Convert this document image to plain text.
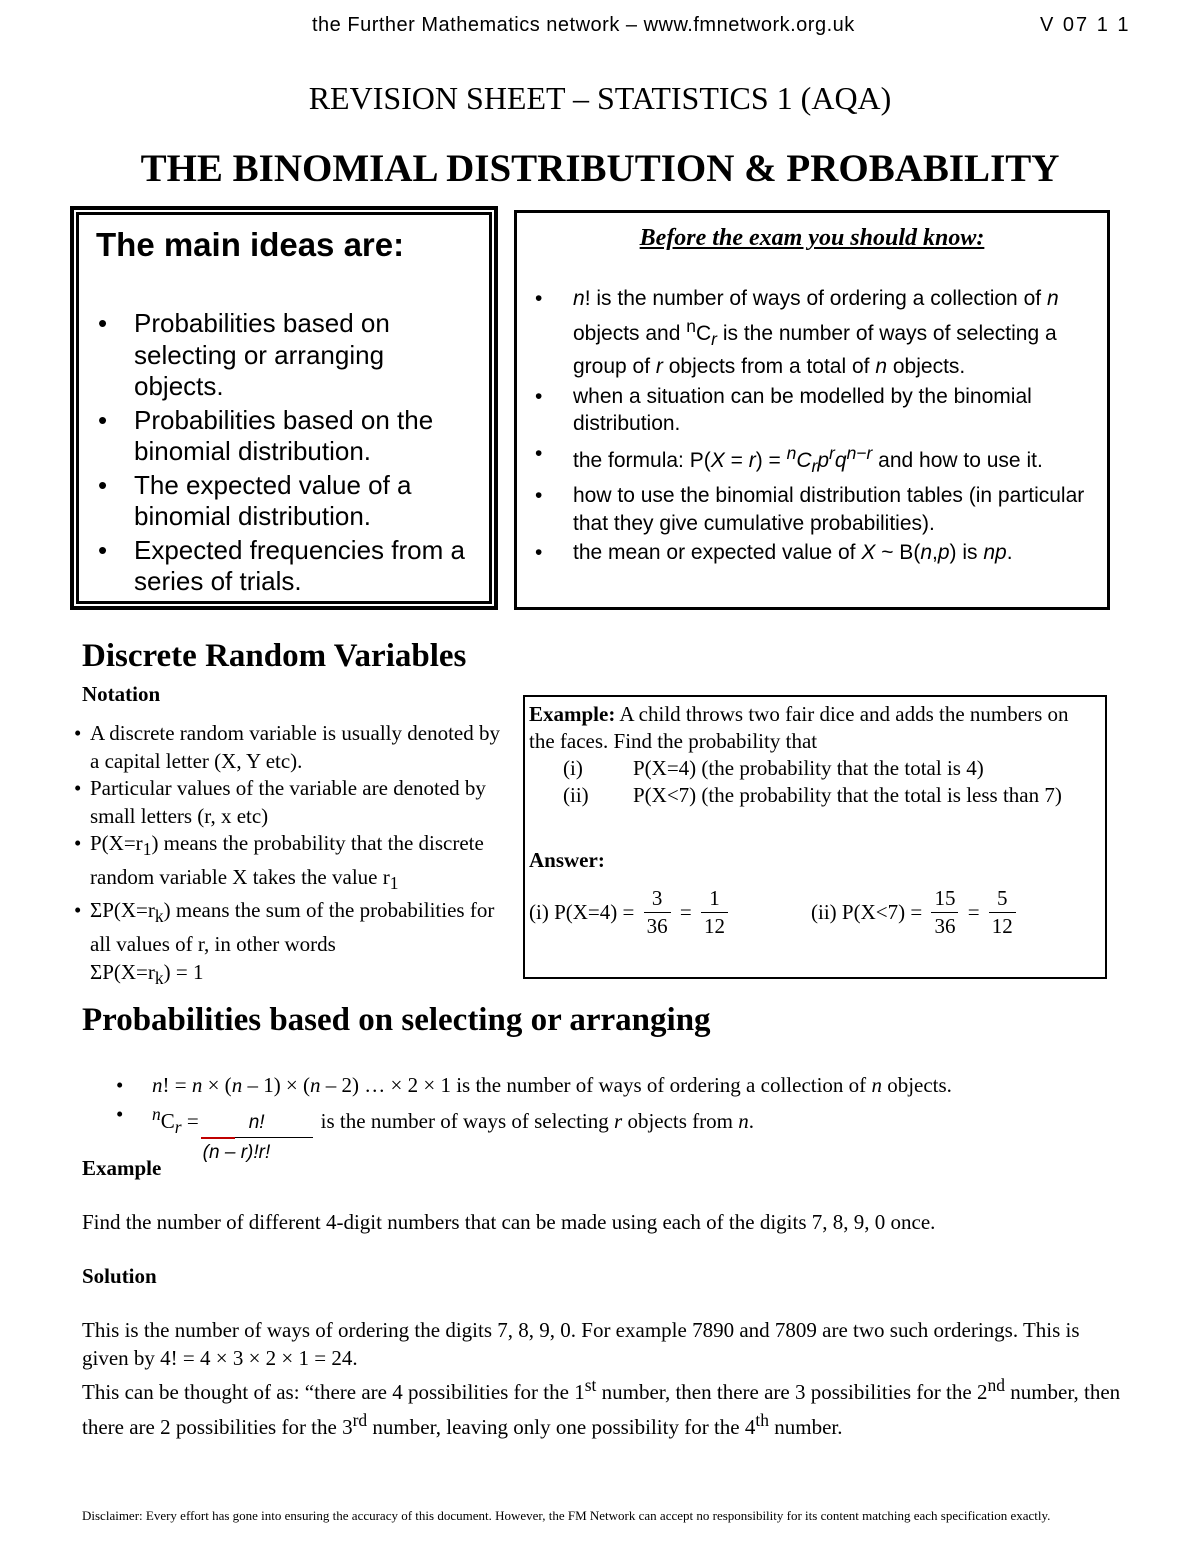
the Further Mathematics network – www.fmnetwork.org.uk	V 07 1 1
REVISION SHEET – STATISTICS 1 (AQA)
THE BINOMIAL DISTRIBUTION & PROBABILITY
The main ideas are:
• Probabilities based on selecting or arranging objects.
• Probabilities based on the binomial distribution.
• The expected value of a binomial distribution.
• Expected frequencies from a series of trials.
Before the exam you should know:
• n! is the number of ways of ordering a collection of n objects and $^nC_r$ is the number of ways of selecting a group of r objects from a total of n objects.
• when a situation can be modelled by the binomial distribution.
• the formula: $P(X = r) = ^nC_rp^rq^{n-r}$ and how to use it.
• how to use the binomial distribution tables (in particular that they give cumulative probabilities).
• the mean or expected value of X ~ B(n,p) is np.
Discrete Random Variables
Notation
• A discrete random variable is usually denoted by a capital letter (X, Y etc).
• Particular values of the variable are denoted by small letters (r, x etc)
• $P(X=r_1)$ means the probability that the discrete random variable X takes the value $r_1$
• $\Sigma P(X=r_k)$ means the sum of the probabilities for all values of r, in other words
$\Sigma P(X=r_k) = 1$
Example: A child throws two fair dice and adds the numbers on the faces. Find the probability that
(i) P(X=4) (the probability that the total is 4)
(ii) P(X<7) (the probability that the total is less than 7)
Answer:
(i) $P(X=4) = \frac{3}{36} = \frac{1}{12}$	(ii) $P(X<7) = \frac{15}{36} = \frac{5}{12}$
Probabilities based on selecting or arranging
• n! = n × (n – 1) × (n – 2) … × 2 × 1 is the number of ways of ordering a collection of n objects.
• $^nC_r = \frac{n!}{(n - r)!r!}$ is the number of ways of selecting r objects from n.
Example
Find the number of different 4-digit numbers that can be made using each of the digits 7, 8, 9, 0 once.
Solution
This is the number of ways of ordering the digits 7, 8, 9, 0. For example 7890 and 7809 are two such orderings. This is given by 4! = 4 × 3 × 2 × 1 = 24.
This can be thought of as: “there are 4 possibilities for the 1st number, then there are 3 possibilities for the 2nd number, then there are 2 possibilities for the 3rd number, leaving only one possibility for the 4th number.
Disclaimer: Every effort has gone into ensuring the accuracy of this document. However, the FM Network can accept no responsibility for its content matching each specification exactly.
